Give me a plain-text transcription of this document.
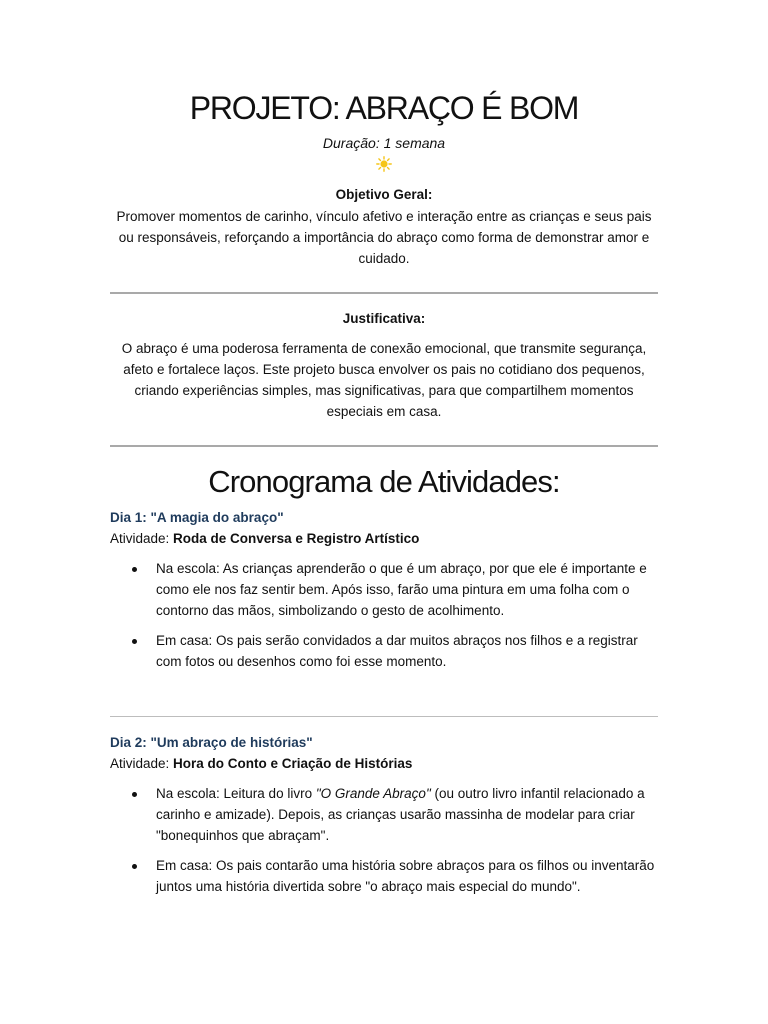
PROJETO: ABRAÇO É BOM
Duração: 1 semana
Objetivo Geral:
Promover momentos de carinho, vínculo afetivo e interação entre as crianças e seus pais ou responsáveis, reforçando a importância do abraço como forma de demonstrar amor e cuidado.
Justificativa:
O abraço é uma poderosa ferramenta de conexão emocional, que transmite segurança, afeto e fortalece laços. Este projeto busca envolver os pais no cotidiano dos pequenos, criando experiências simples, mas significativas, para que compartilhem momentos especiais em casa.
Cronograma de Atividades:
Dia 1: "A magia do abraço"
Atividade: Roda de Conversa e Registro Artístico
Na escola: As crianças aprenderão o que é um abraço, por que ele é importante e como ele nos faz sentir bem. Após isso, farão uma pintura em uma folha com o contorno das mãos, simbolizando o gesto de acolhimento.
Em casa: Os pais serão convidados a dar muitos abraços nos filhos e a registrar com fotos ou desenhos como foi esse momento.
Dia 2: "Um abraço de histórias"
Atividade: Hora do Conto e Criação de Histórias
Na escola: Leitura do livro "O Grande Abraço" (ou outro livro infantil relacionado a carinho e amizade). Depois, as crianças usarão massinha de modelar para criar "bonequinhos que abraçam".
Em casa: Os pais contarão uma história sobre abraços para os filhos ou inventarão juntos uma história divertida sobre "o abraço mais especial do mundo".
